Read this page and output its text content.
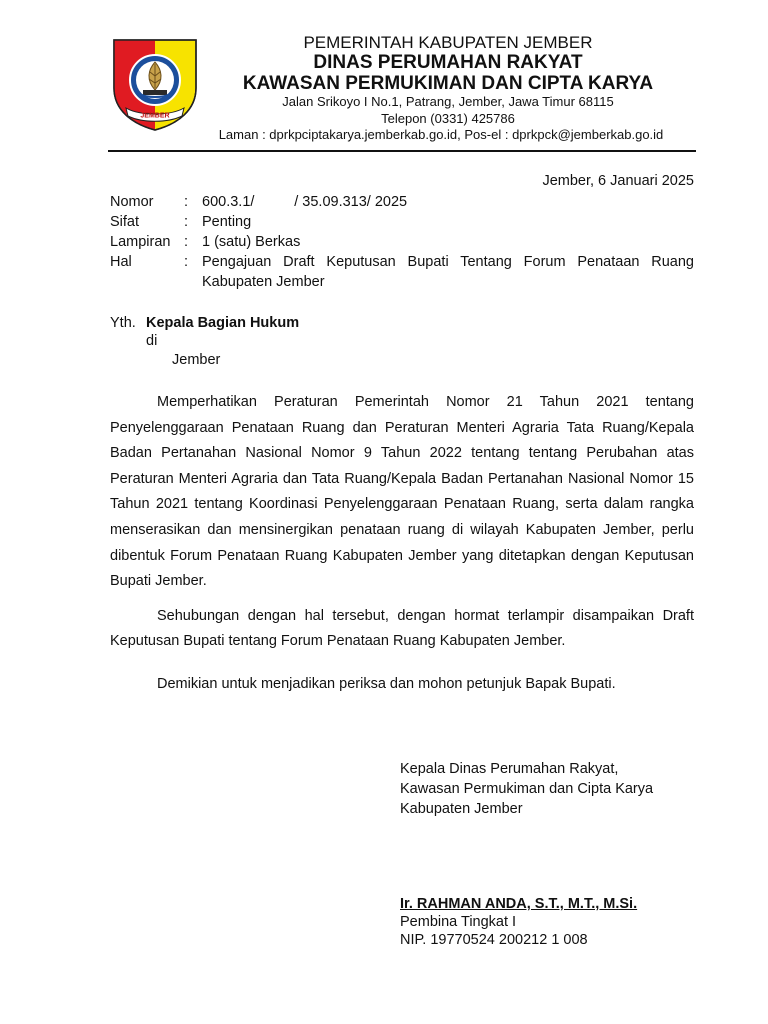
JEMBER
PEMERINTAH KABUPATEN JEMBER
DINAS PERUMAHAN RAKYAT
KAWASAN PERMUKIMAN DAN CIPTA KARYA
Jalan Srikoyo I No.1, Patrang, Jember, Jawa Timur 68115
Telepon (0331) 425786
Laman : dprkpciptakarya.jemberkab.go.id, Pos-el : dprkpck@jemberkab.go.id
Jember, 6 Januari 2025
Nomor	: 600.3.1/	/ 35.09.313/ 2025
Sifat	: Penting
Lampiran : 1 (satu) Berkas
Hal	: Pengajuan Draft Keputusan Bupati Tentang Forum Penataan Ruang Kabupaten Jember
Yth. Kepala Bagian Hukum
di
Jember

Memperhatikan Peraturan Pemerintah Nomor 21 Tahun 2021 tentang Penyelenggaraan Penataan Ruang dan Peraturan Menteri Agraria Tata Ruang/Kepala Badan Pertanahan Nasional Nomor 9 Tahun 2022 tentang tentang Perubahan atas Peraturan Menteri Agraria dan Tata Ruang/Kepala Badan Pertanahan Nasional Nomor 15 Tahun 2021 tentang Koordinasi Penyelenggaraan Penataan Ruang, serta dalam rangka menserasikan dan mensinergikan penataan ruang di wilayah Kabupaten Jember, perlu dibentuk Forum Penataan Ruang Kabupaten Jember yang ditetapkan dengan Keputusan Bupati Jember.

Sehubungan dengan hal tersebut, dengan hormat terlampir disampaikan Draft Keputusan Bupati tentang Forum Penataan Ruang Kabupaten Jember.

Demikian untuk menjadikan periksa dan mohon petunjuk Bapak Bupati.

Kepala Dinas Perumahan Rakyat,
Kawasan Permukiman dan Cipta Karya
Kabupaten Jember
Ir. RAHMAN ANDA, S.T., M.T., M.Si.
Pembina Tingkat I
NIP. 19770524 200212 1 008
